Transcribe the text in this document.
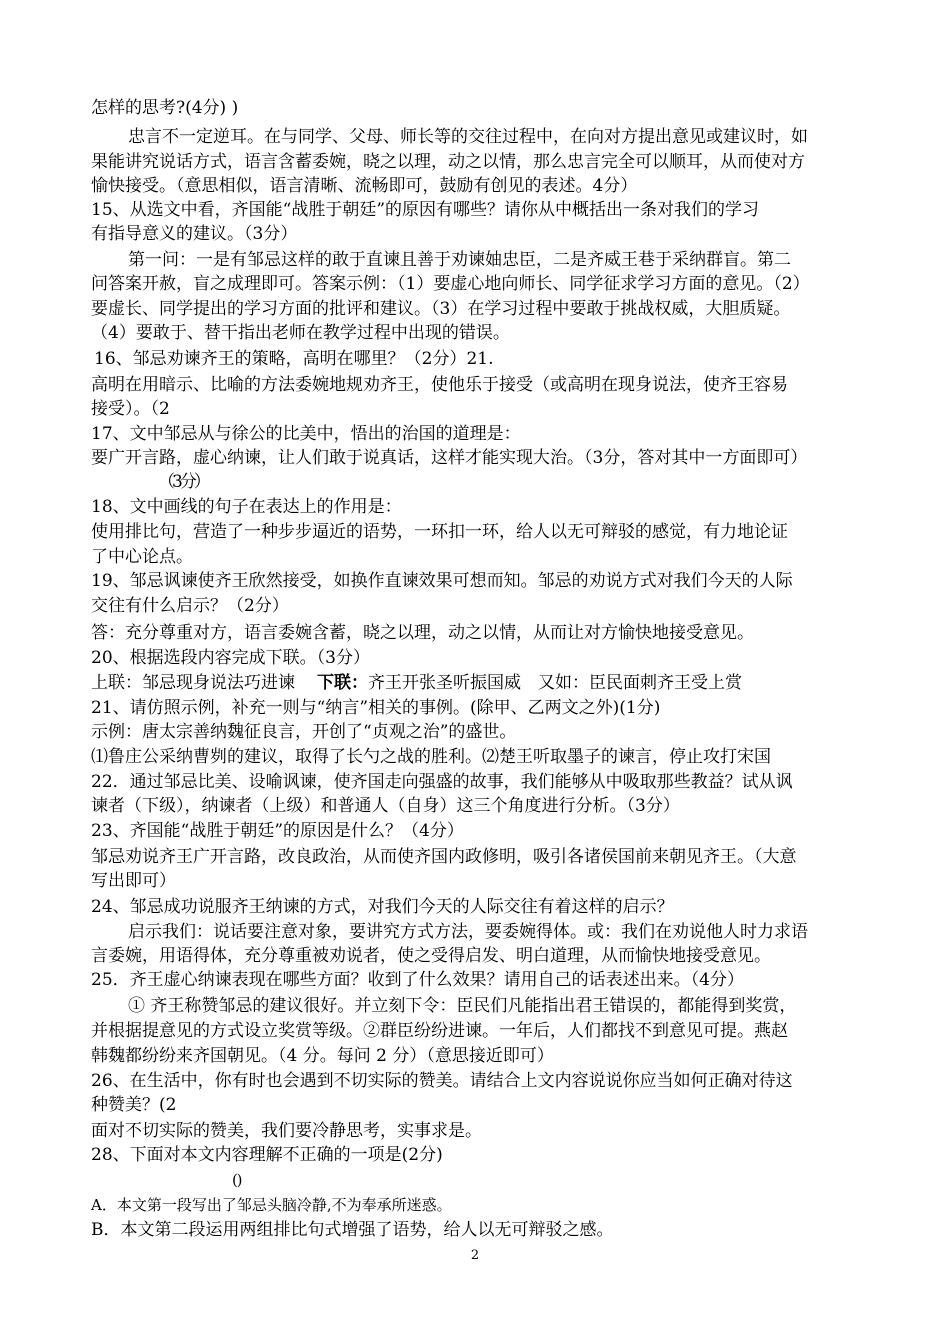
怎样的思考?(4分) )
忠言不一定逆耳。在与同学、父母、师长等的交往过程中，在向对方提出意见或建议时，如
果能讲究说话方式，语言含蓄委婉，晓之以理，动之以情，那么忠言完全可以顺耳，从而使对方
愉快接受。（意思相似，语言清晰、流畅即可，鼓励有创见的表述。4分）
15、从选文中看，齐国能“战胜于朝廷”的原因有哪些？请你从中概括出一条对我们的学习
有指导意义的建议。（3分）
第一问：一是有邹忌这样的敢于直谏且善于劝谏妯忠臣，二是齐威王巷于采纳群盲。第二
问答案开赦，盲之成理即可。答案示例：（1）要虚心地向师长、同学征求学习方面的意见。（2）
要虚长、同学提出的学习方面的批评和建议。（3）在学习过程中要敢于挑战权威，大胆质疑。
（4）要敢于、替干指出老师在教学过程中出现的错误。
16、邹忌劝谏齐王的策略，高明在哪里？（2分）21.
高明在用暗示、比喻的方法委婉地规劝齐王，使他乐于接受（或高明在现身说法，使齐王容易
接受）。（2
17、文中邹忌从与徐公的比美中，悟出的治国的道理是：
要广开言路，虚心纳谏，让人们敢于说真话，这样才能实现大治。（3分，答对其中一方面即可）
（3分）
18、文中画线的句子在表达上的作用是：
使用排比句，营造了一种步步逼近的语势，一环扣一环，给人以无可辩驳的感觉，有力地论证
了中心论点。
19、邹忌讽谏使齐王欣然接受，如换作直谏效果可想而知。邹忌的劝说方式对我们今天的人际
交往有什么启示？（2分）
答：充分尊重对方，语言委婉含蓄，晓之以理，动之以情，从而让对方愉快地接受意见。
20、根据选段内容完成下联。（3分）
上联：邹忌现身说法巧进谏 下联：齐王开张圣听振国威　又如：臣民面刺齐王受上赏
21、请仿照示例，补充一则与“纳言”相关的事例。(除甲、乙两文之外)(1分)
示例：唐太宗善纳魏征良言，开创了“贞观之治”的盛世。
⑴鲁庄公采纳曹刿的建议，取得了长勺之战的胜利。⑵楚王听取墨子的谏言，停止攻打宋国
22．通过邹忌比美、设喻讽谏，使齐国走向强盛的故事，我们能够从中吸取那些教益？试从讽
谏者（下级），纳谏者（上级）和普通人（自身）这三个角度进行分析。（3分）
23、齐国能“战胜于朝廷”的原因是什么？（4分）
邹忌劝说齐王广开言路，改良政治，从而使齐国内政修明，吸引各诸侯国前来朝见齐王。（大意
写出即可）
24、邹忌成功说服齐王纳谏的方式，对我们今天的人际交往有着这样的启示？
启示我们：说话要注意对象，要讲究方式方法，要委婉得体。或：我们在劝说他人时力求语
言委婉，用语得体，充分尊重被劝说者，使之受得启发、明白道理，从而愉快地接受意见。
25．齐王虚心纳谏表现在哪些方面？收到了什么效果？请用自己的话表述出来。（4分）
① 齐王称赞邹忌的建议很好。并立刻下令：臣民们凡能指出君王错误的，都能得到奖赏，
并根据提意见的方式设立奖赏等级。②群臣纷纷进谏。一年后，人们都找不到意见可提。燕赵
韩魏都纷纷来齐国朝见。（4 分。每问 2 分）（意思接近即可）
26、在生活中，你有时也会遇到不切实际的赞美。请结合上文内容说说你应当如何正确对待这
种赞美？(2
面对不切实际的赞美，我们要冷静思考，实事求是。
28、下面对本文内容理解不正确的一项是(2分)
( )
A．本文第一段写出了邹忌头脑冷静,不为奉承所迷惑。
B．本文第二段运用两组排比句式增强了语势，给人以无可辩驳之感。
2
